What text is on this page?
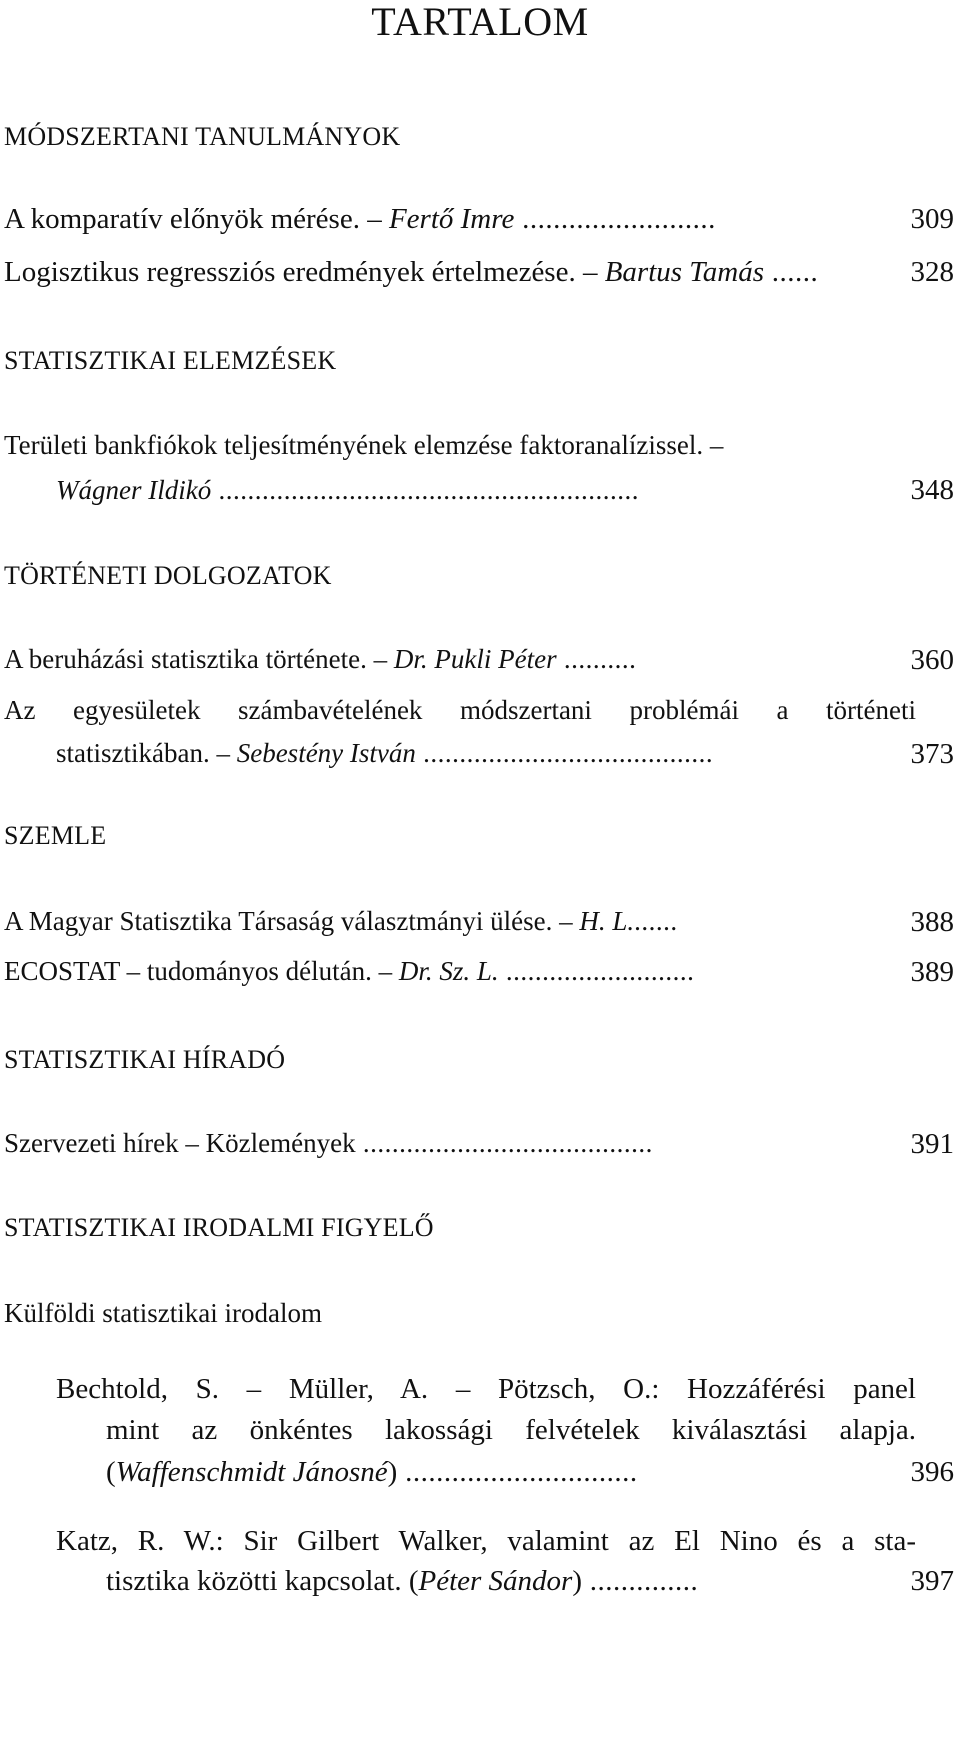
TARTALOM
MÓDSZERTANI TANULMÁNYOK
A komparatív előnyök mérése. – Fertő Imre .........................	309
Logisztikus regressziós eredmények értelmezése. – Bartus Tamás ......	328
STATISZTIKAI ELEMZÉSEK
Területi bankfiókok teljesítményének elemzése faktoranalízissel. –
Wágner Ildikó ..........................................................	348
TÖRTÉNETI DOLGOZATOK
A beruházási statisztika története. – Dr. Pukli Péter ..........	360
Az egyesületek számbavételének módszertani problémái a történeti
statisztikában. – Sebestény István ........................................	373
SZEMLE
A Magyar Statisztika Társaság választmányi ülése. – H. L.......	388
ECOSTAT – tudományos délután. – Dr. Sz. L. ..........................	389
STATISZTIKAI HÍRADÓ
Szervezeti hírek – Közlemények ........................................	391
STATISZTIKAI IRODALMI FIGYELŐ
Külföldi statisztikai irodalom
Bechtold, S. – Müller, A. – Pötzsch, O.: Hozzáférési panel
mint az önkéntes lakossági felvételek kiválasztási alapja.
(Waffenschmidt Jánosné) ..............................	396
Katz, R. W.: Sir Gilbert Walker, valamint az El Nino és a sta-
tisztika közötti kapcsolat. (Péter Sándor) ..............	397
